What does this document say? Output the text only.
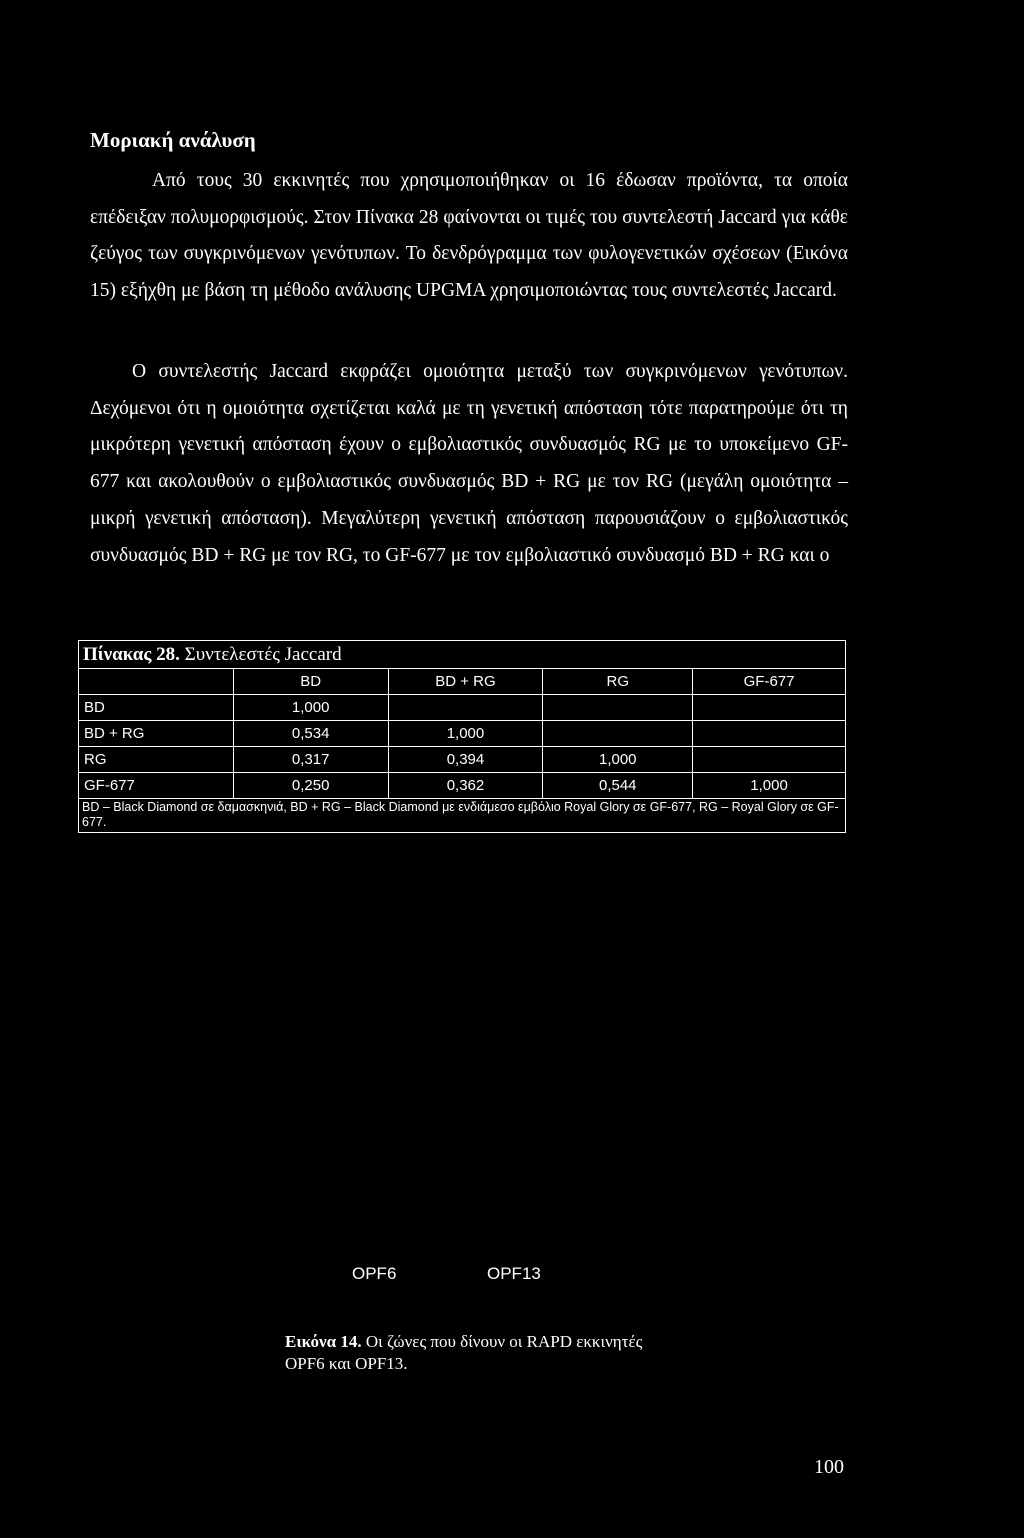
Μοριακή ανάλυση

Από τους 30 εκκινητές που χρησιμοποιήθηκαν οι 16 έδωσαν προϊόντα, τα οποία επέδειξαν πολυμορφισμούς. Στον Πίνακα 28 φαίνονται οι τιμές του συντελεστή Jaccard για κάθε ζεύγος των συγκρινόμενων γενότυπων. Το δενδρόγραμμα των φυλογενετικών σχέσεων (Εικόνα 15) εξήχθη με βάση τη μέθοδο ανάλυσης UPGMA χρησιμοποιώντας τους συντελεστές Jaccard.

Ο συντελεστής Jaccard εκφράζει ομοιότητα μεταξύ των συγκρινόμενων γενότυπων. Δεχόμενοι ότι η ομοιότητα σχετίζεται καλά με τη γενετική απόσταση τότε παρατηρούμε ότι τη μικρότερη γενετική απόσταση έχουν ο εμβολιαστικός συνδυασμός RG με το υποκείμενο GF-677 και ακολουθούν ο εμβολιαστικός συνδυασμός BD + RG με τον RG (μεγάλη ομοιότητα – μικρή γενετική απόσταση). Μεγαλύτερη γενετική απόσταση παρουσιάζουν ο εμβολιαστικός συνδυασμός BD + RG με τον RG, το GF-677 με τον εμβολιαστικό συνδυασμό BD + RG και ο

Πίνακας 28. Συντελεστές Jaccard				
	BD	BD + RG	RG	GF-677
BD	1,000			
BD + RG	0,534	1,000		
RG	0,317	0,394	1,000	
GF-677	0,250	0,362	0,544	1,000
BD – Black Diamond σε δαμασκηνιά, BD + RG – Black Diamond με ενδιάμεσο εμβόλιο Royal Glory σε GF-677, RG – Royal Glory σε GF-677.				
OPF6	OPF13
Εικόνα 14. Οι ζώνες που δίνουν οι RAPD εκκινητές OPF6 και OPF13.
100
